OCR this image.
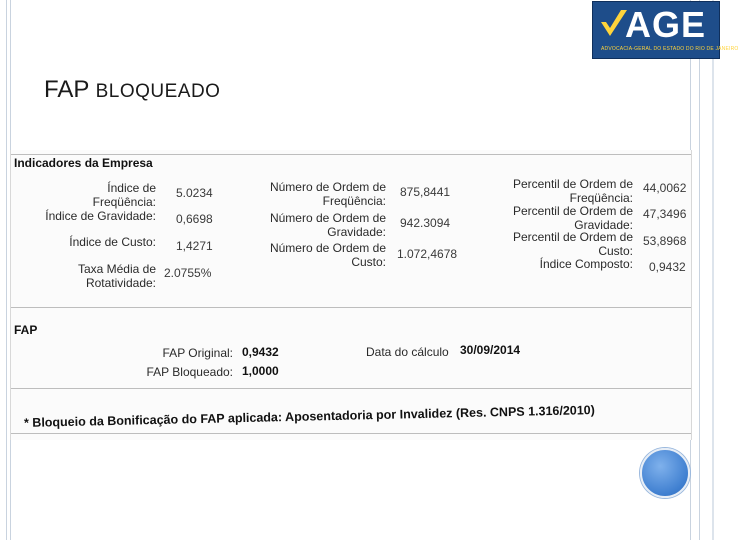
AGE
ADVOCACIA-GERAL DO ESTADO DO RIO DE JANEIRO
FAP BLOQUEADO
Indicadores da Empresa
Índice de
Freqüência:
5.0234
Índice de Gravidade: 0,6698
Índice de Custo: 1,4271
Taxa Média de
Rotatividade:
2.0755%
Número de Ordem de
Freqüência:
875,8441
Número de Ordem de
Gravidade:
942.3094
Número de Ordem de
Custo:
1.072,4678
Percentil de Ordem de
Freqüência:
44,0062
Percentil de Ordem de
Gravidade:
47,3496
Percentil de Ordem de
Custo:
53,8968
Índice Composto: 0,9432
FAP
FAP Original: 0,9432
FAP Bloqueado: 1,0000
Data do cálculo 30/09/2014
* Bloqueio da Bonificação do FAP aplicada: Aposentadoria por Invalidez (Res. CNPS 1.316/2010)
